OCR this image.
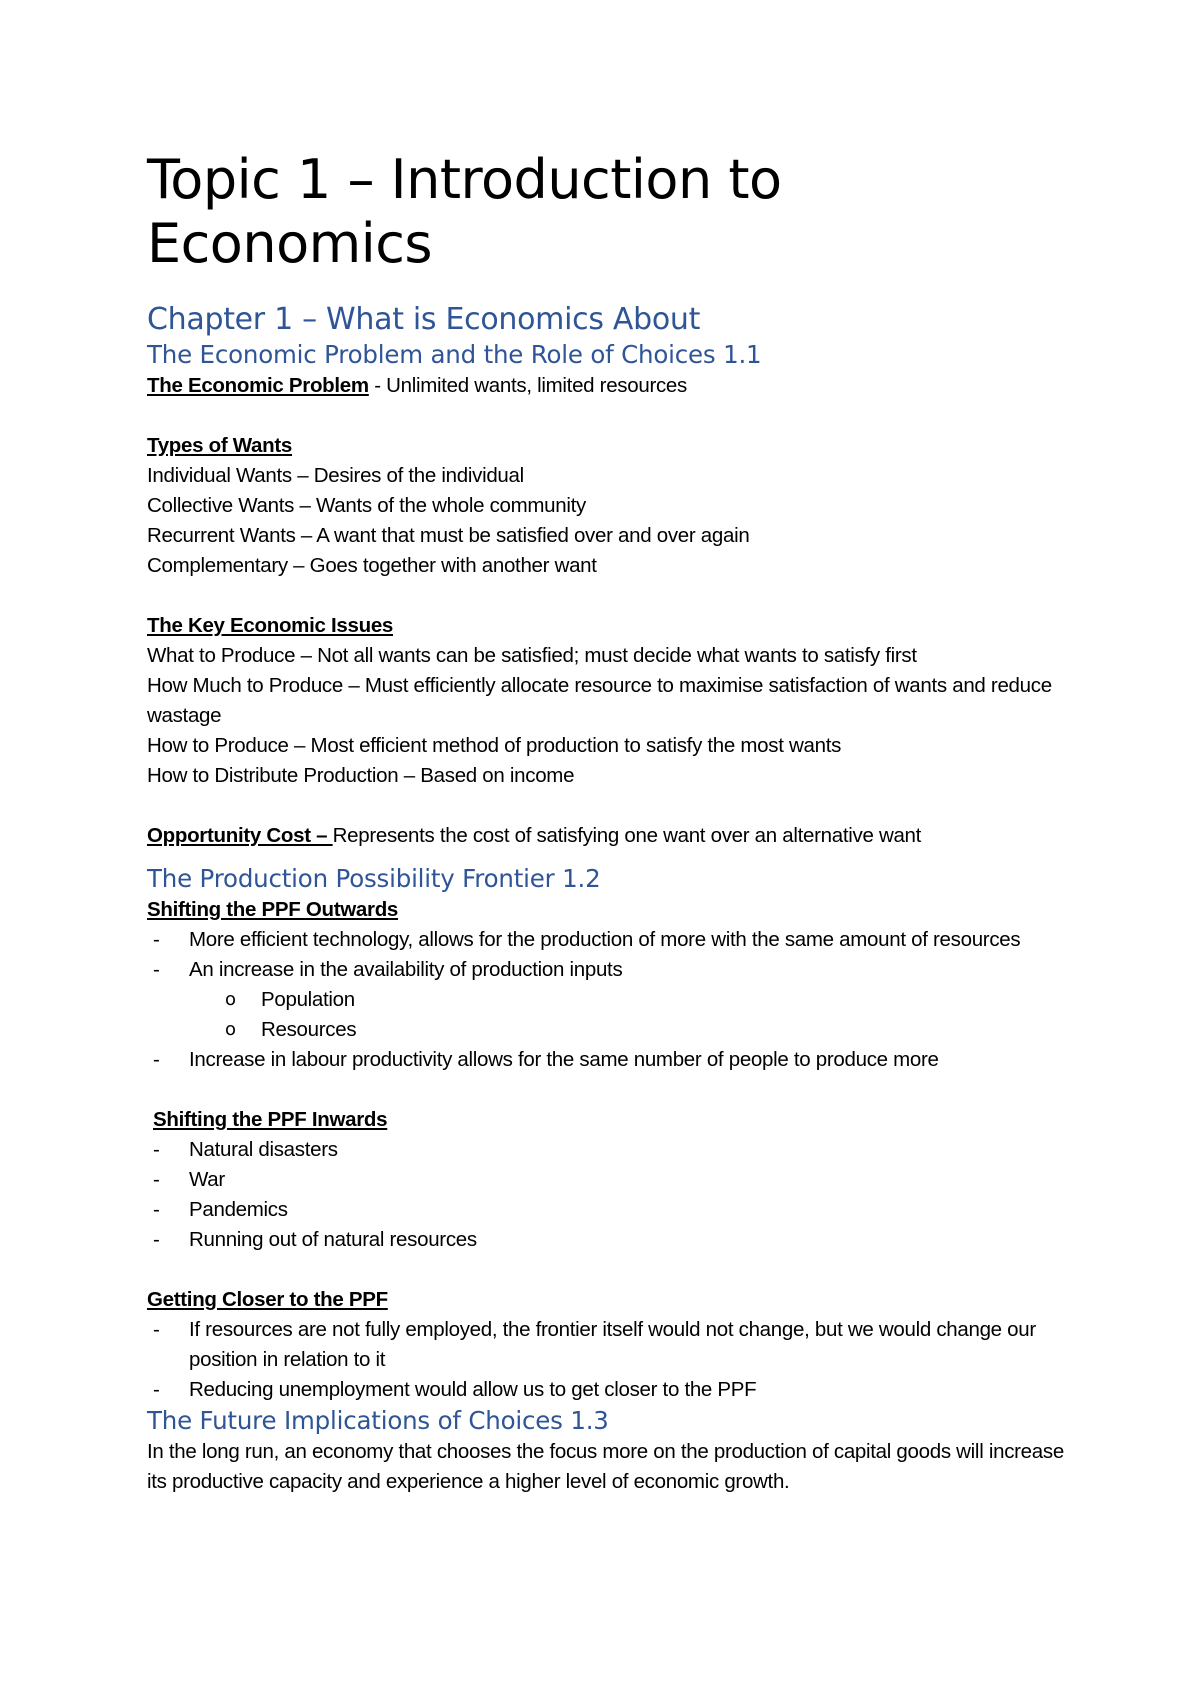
Topic 1 – Introduction to Economics
Chapter 1 – What is Economics About
The Economic Problem and the Role of Choices 1.1

The Economic Problem - Unlimited wants, limited resources

Types of Wants

Individual Wants – Desires of the individual

Collective Wants – Wants of the whole community

Recurrent Wants – A want that must be satisfied over and over again

Complementary – Goes together with another want

The Key Economic Issues

What to Produce – Not all wants can be satisfied; must decide what wants to satisfy first

How Much to Produce – Must efficiently allocate resource to maximise satisfaction of wants and reduce wastage

How to Produce – Most efficient method of production to satisfy the most wants

How to Distribute Production – Based on income

Opportunity Cost – Represents the cost of satisfying one want over an alternative want

The Production Possibility Frontier 1.2

Shifting the PPF Outwards

- More efficient technology, allows for the production of more with the same amount of resources
- An increase in the availability of production inputs
o Population
o Resources
- Increase in labour productivity allows for the same number of people to produce more

Shifting the PPF Inwards

- Natural disasters
- War
- Pandemics
- Running out of natural resources

Getting Closer to the PPF

- If resources are not fully employed, the frontier itself would not change, but we would change our position in relation to it
- Reducing unemployment would allow us to get closer to the PPF
The Future Implications of Choices 1.3

In the long run, an economy that chooses the focus more on the production of capital goods will increase its productive capacity and experience a higher level of economic growth.
